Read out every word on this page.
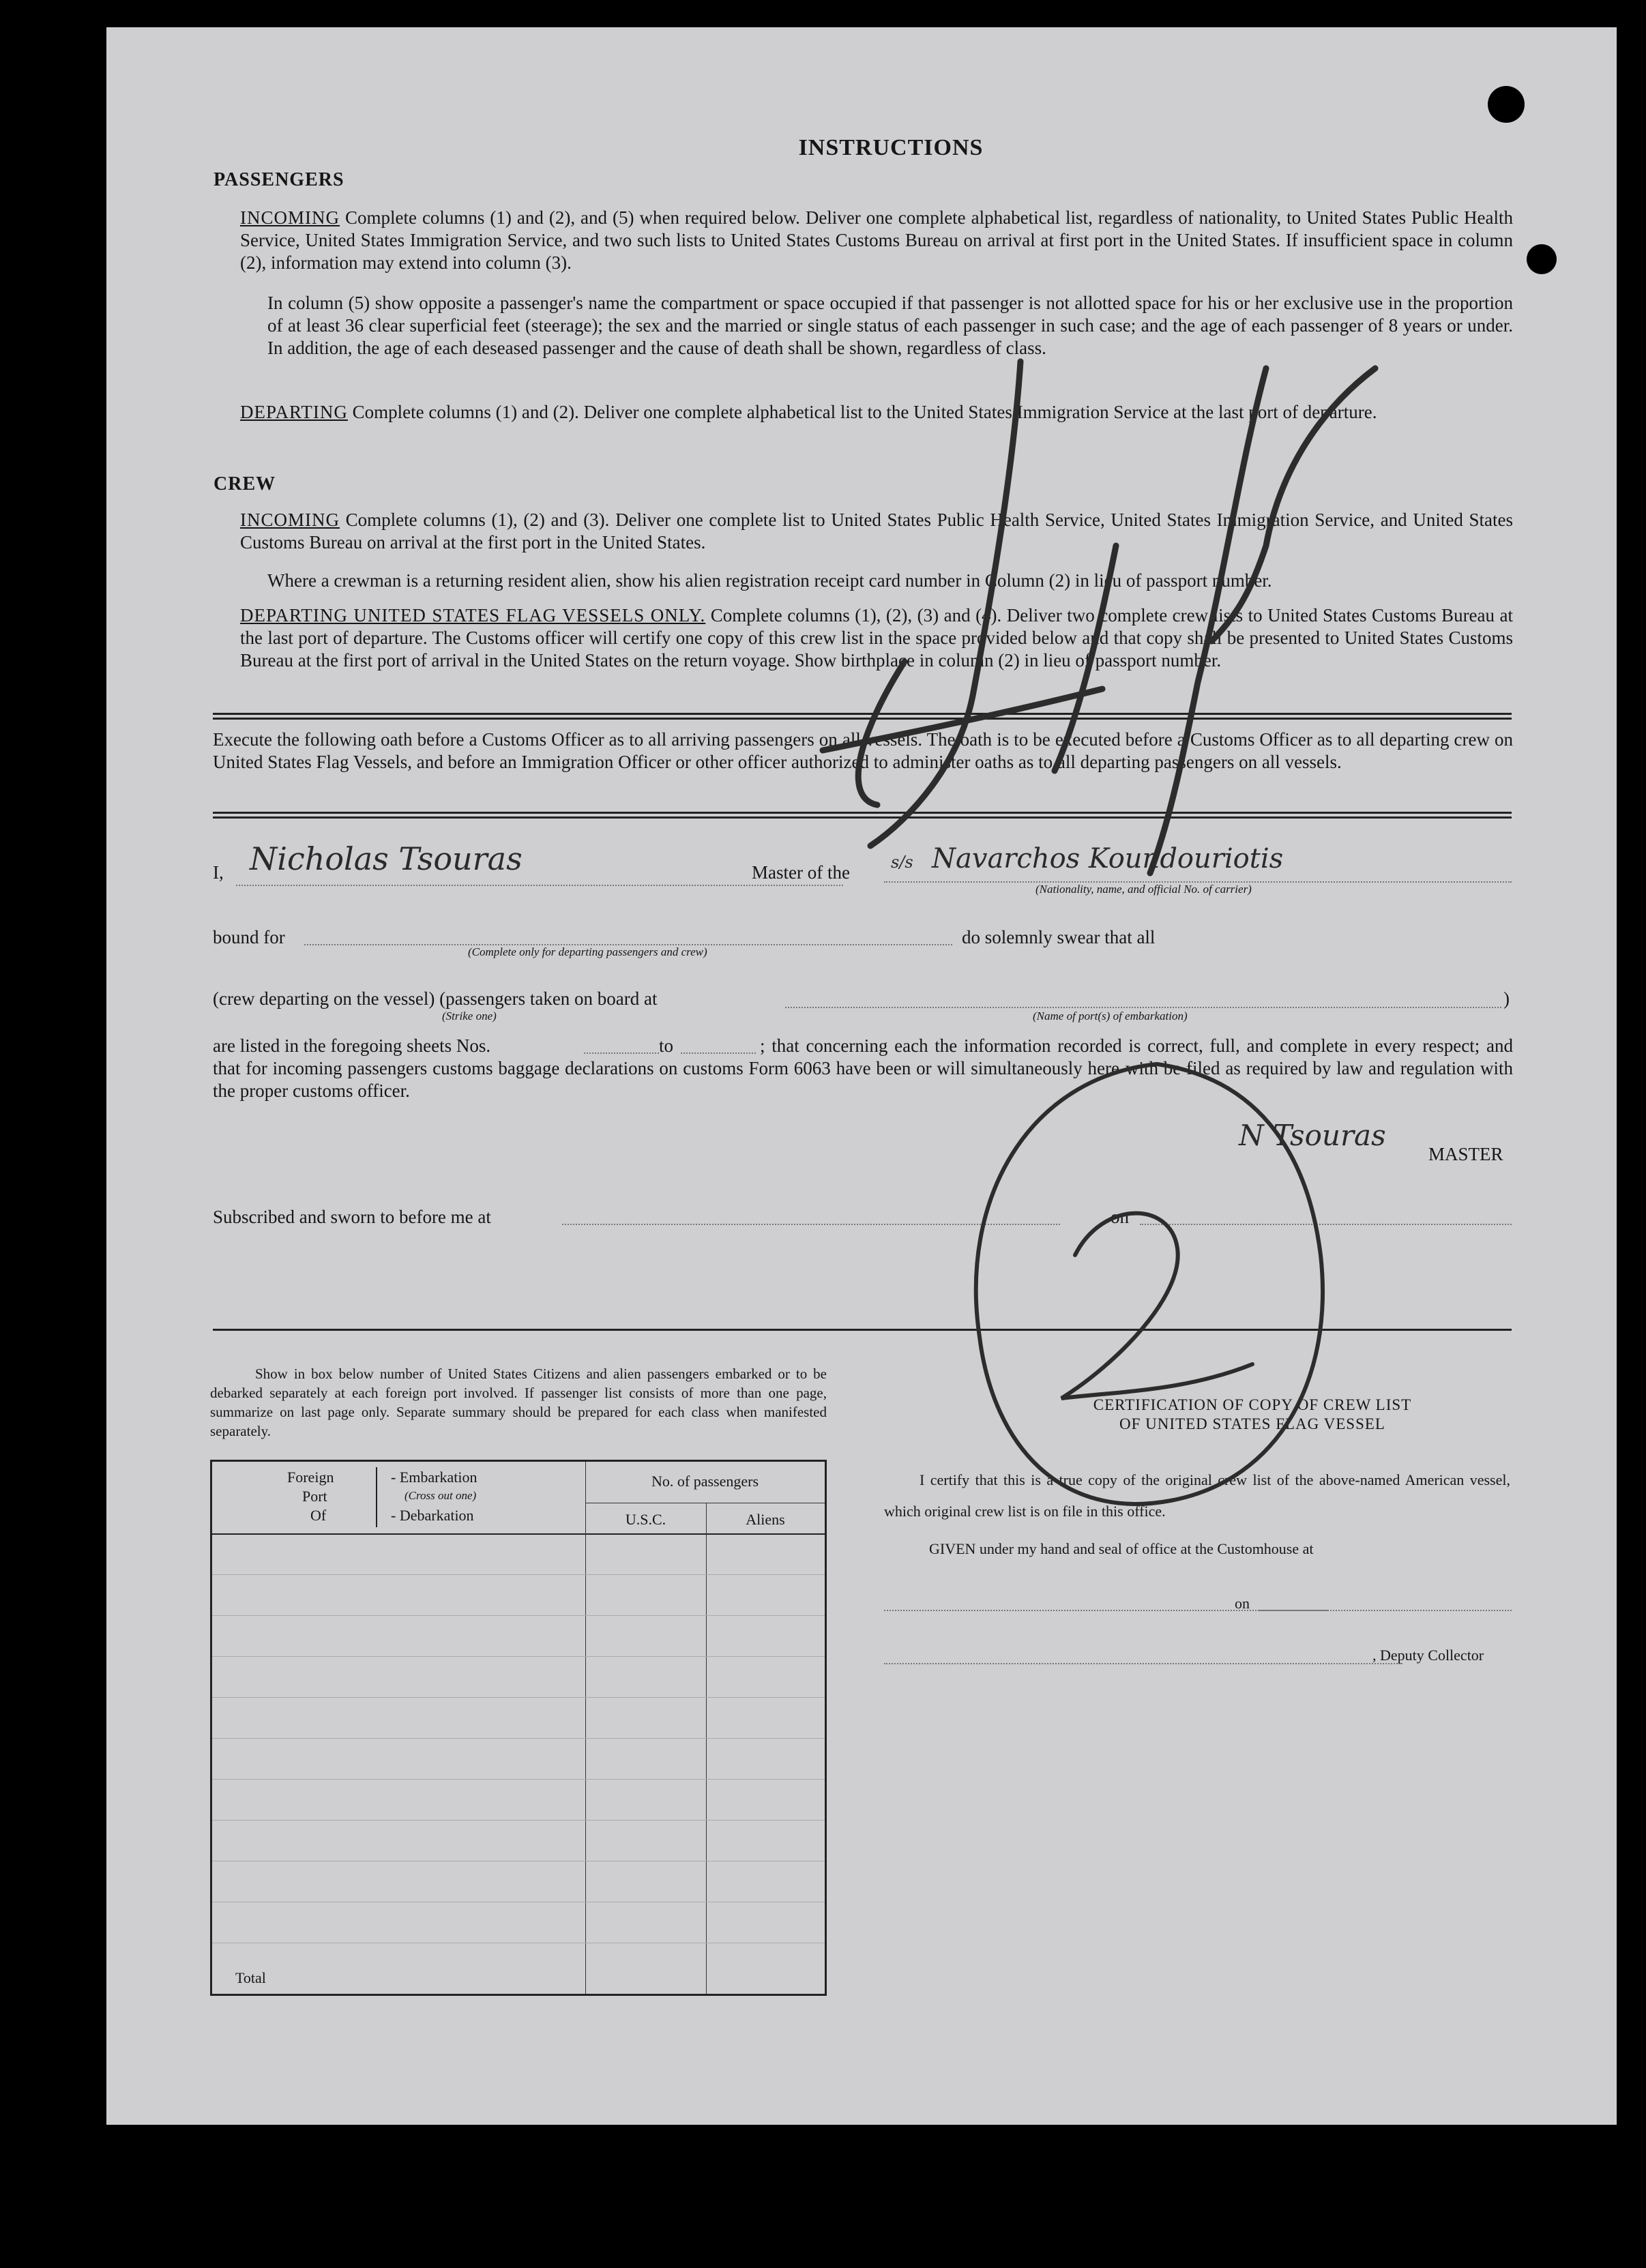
INSTRUCTIONS
PASSENGERS
INCOMING Complete columns (1) and (2), and (5) when required below. Deliver one complete alphabetical list, regardless of nationality, to United States Public Health Service, United States Immigration Service, and two such lists to United States Customs Bureau on arrival at first port in the United States. If insufficient space in column (2), information may extend into column (3).
In column (5) show opposite a passenger's name the compartment or space occupied if that passenger is not allotted space for his or her exclusive use in the proportion of at least 36 clear superficial feet (steerage); the sex and the married or single status of each passenger in such case; and the age of each passenger of 8 years or under. In addition, the age of each deseased passenger and the cause of death shall be shown, regardless of class.
DEPARTING Complete columns (1) and (2). Deliver one complete alphabetical list to the United States Immigration Service at the last port of departure.
CREW
INCOMING Complete columns (1), (2) and (3). Deliver one complete list to United States Public Health Service, United States Immigration Service, and United States Customs Bureau on arrival at the first port in the United States.
Where a crewman is a returning resident alien, show his alien registration receipt card number in Column (2) in lieu of passport number.
DEPARTING UNITED STATES FLAG VESSELS ONLY. Complete columns (1), (2), (3) and (4). Deliver two complete crew lists to United States Customs Bureau at the last port of departure. The Customs officer will certify one copy of this crew list in the space provided below and that copy shall be presented to United States Customs Bureau at the first port of arrival in the United States on the return voyage. Show birthplace in column (2) in lieu of passport number.
Execute the following oath before a Customs Officer as to all arriving passengers on all vessels. The oath is to be executed before a Customs Officer as to all departing crew on United States Flag Vessels, and before an Immigration Officer or other officer authorized to administer oaths as to all departing passengers on all vessels.
I, Nicholas Tsouras	Master of the	s/s Navarchos Koundouriotis
(Nationality, name, and official No. of carrier)
bound for
(Complete only for departing passengers and crew)
do solemnly swear that all
(crew departing on the vessel) (passengers taken on board at
(Strike one)	(Name of port(s) of embarkation)
)
are listed in the foregoing sheets Nos.	to	; that concerning each the information recorded is correct, full, and complete in every respect; and that for incoming passengers customs baggage declarations on customs Form 6063 have been or will simultaneously here-with be filed as required by law and regulation with the proper customs officer.
N Tsouras
MASTER
Subscribed and sworn to before me at	on
Show in box below number of United States Citizens and alien passengers embarked or to be debarked separately at each foreign port involved. If passenger list consists of more than one page, summarize on last page only. Separate summary should be prepared for each class when manifested separately.
Foreign
Port
Of
- Embarkation
(Cross out one)
- Debarkation
No. of passengers
U.S.C.	Aliens
Total
CERTIFICATION OF COPY OF CREW LIST
OF UNITED STATES FLAG VESSEL
I certify that this is a true copy of the original crew list of the above-named American vessel, which original crew list is on file in this office.
GIVEN under my hand and seal of office at the Customhouse at
on
, Deputy Collector
